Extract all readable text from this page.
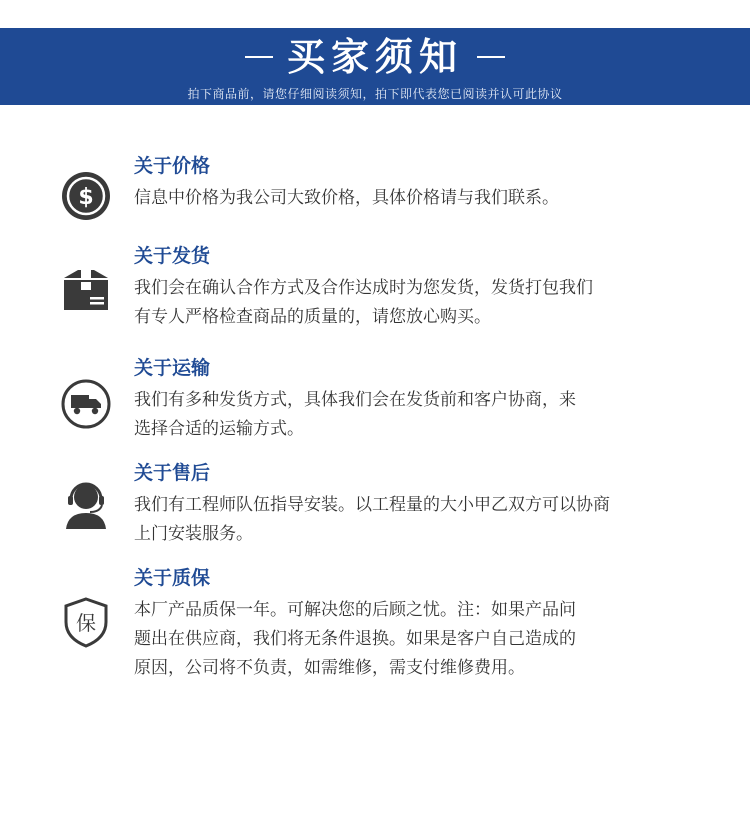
买家须知
拍下商品前，请您仔细阅读须知，拍下即代表您已阅读并认可此协议
$
关于价格
信息中价格为我公司大致价格，具体价格请与我们联系。
关于发货
我们会在确认合作方式及合作达成时为您发货，发货打包我们
有专人严格检查商品的质量的，请您放心购买。
关于运输
我们有多种发货方式，具体我们会在发货前和客户协商，来
选择合适的运输方式。
关于售后
我们有工程师队伍指导安装。以工程量的大小甲乙双方可以协商
上门安装服务。
保
关于质保
本厂产品质保一年。可解决您的后顾之忧。注：如果产品问
题出在供应商，我们将无条件退换。如果是客户自己造成的
原因，公司将不负责，如需维修，需支付维修费用。
